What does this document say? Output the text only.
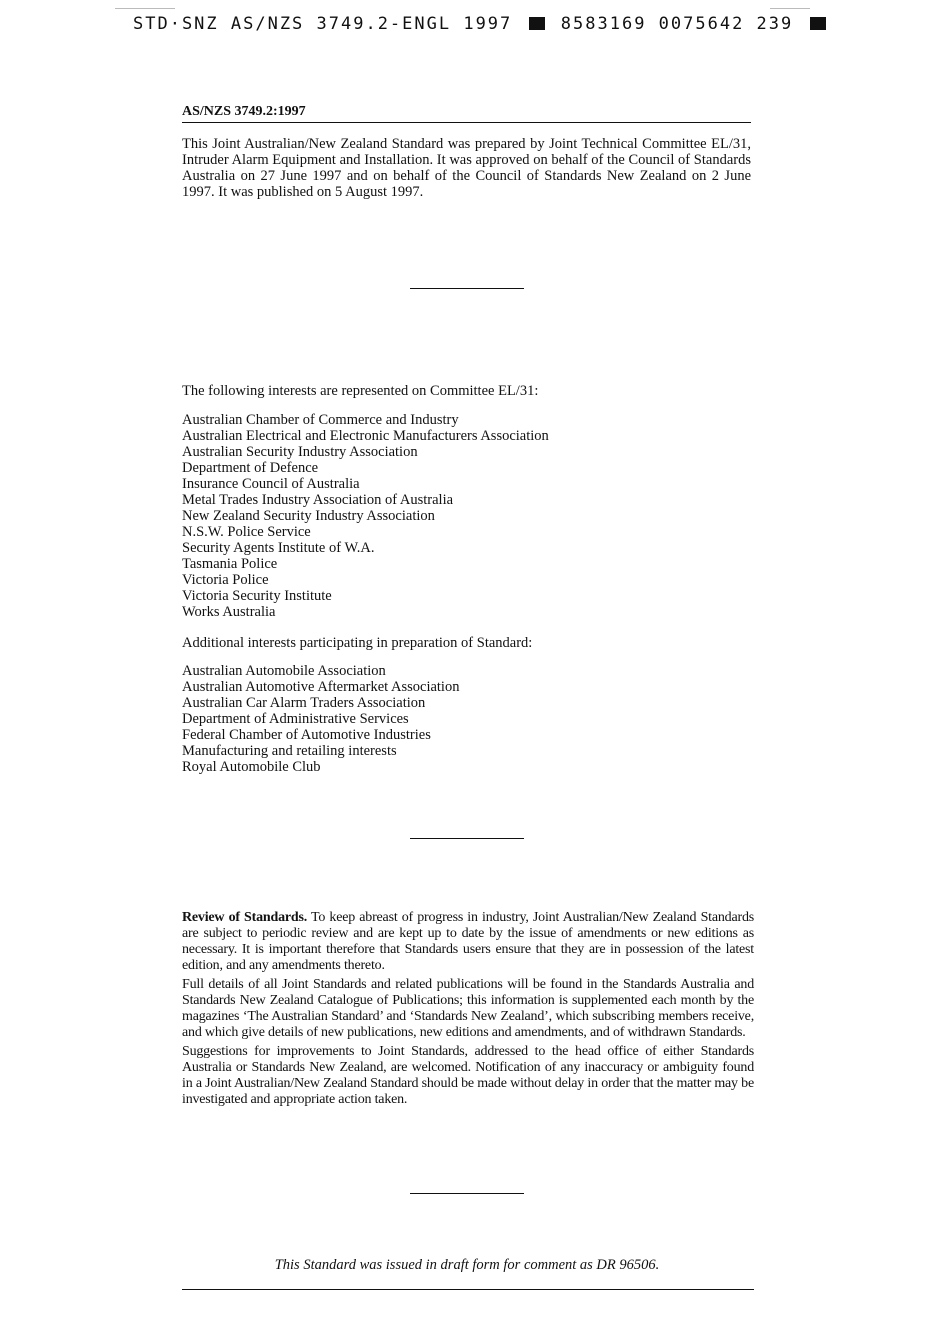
STD·SNZ AS/NZS 3749.2-ENGL 1997	8583169 0075642 239
AS/NZS 3749.2:1997

This Joint Australian/New Zealand Standard was prepared by Joint Technical Committee EL/31, Intruder Alarm Equipment and Installation. It was approved on behalf of the Council of Standards Australia on 27 June 1997 and on behalf of the Council of Standards New Zealand on 2 June 1997. It was published on 5 August 1997.

The following interests are represented on Committee EL/31:

Australian Chamber of Commerce and Industry
Australian Electrical and Electronic Manufacturers Association
Australian Security Industry Association
Department of Defence
Insurance Council of Australia
Metal Trades Industry Association of Australia
New Zealand Security Industry Association
N.S.W. Police Service
Security Agents Institute of W.A.
Tasmania Police
Victoria Police
Victoria Security Institute
Works Australia

Additional interests participating in preparation of Standard:

Australian Automobile Association
Australian Automotive Aftermarket Association
Australian Car Alarm Traders Association
Department of Administrative Services
Federal Chamber of Automotive Industries
Manufacturing and retailing interests
Royal Automobile Club

Review of Standards. To keep abreast of progress in industry, Joint Australian/New Zealand Standards are subject to periodic review and are kept up to date by the issue of amendments or new editions as necessary. It is important therefore that Standards users ensure that they are in possession of the latest edition, and any amendments thereto.

Full details of all Joint Standards and related publications will be found in the Standards Australia and Standards New Zealand Catalogue of Publications; this information is supplemented each month by the magazines ‘The Australian Standard’ and ‘Standards New Zealand’, which subscribing members receive, and which give details of new publications, new editions and amendments, and of withdrawn Standards.

Suggestions for improvements to Joint Standards, addressed to the head office of either Standards Australia or Standards New Zealand, are welcomed. Notification of any inaccuracy or ambiguity found in a Joint Australian/New Zealand Standard should be made without delay in order that the matter may be investigated and appropriate action taken.

This Standard was issued in draft form for comment as DR 96506.
